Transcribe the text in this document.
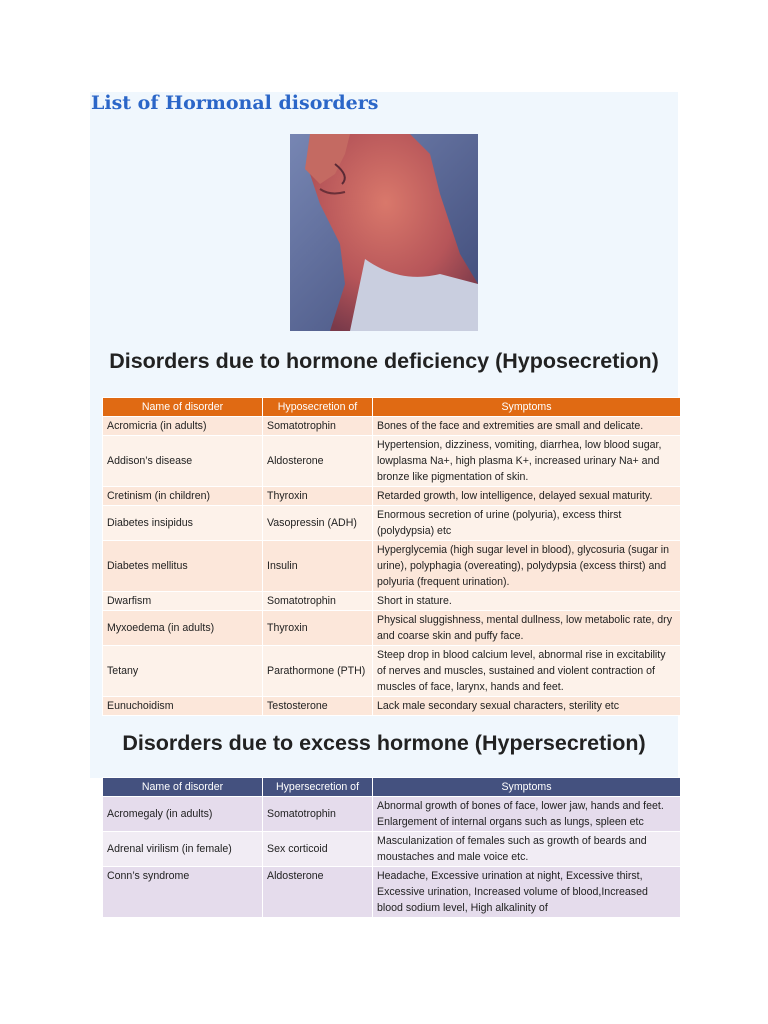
List of Hormonal disorders
Disorders due to hormone deficiency (Hyposecretion)
Name of disorder	Hyposecretion of	Symptoms
Acromicria (in adults)	Somatotrophin	Bones of the face and extremities are small and delicate.
Addison’s disease	Aldosterone	Hypertension, dizziness, vomiting, diarrhea, low blood sugar, lowplasma Na+, high plasma K+, increased urinary Na+ and bronze like pigmentation of skin.
Cretinism (in children)	Thyroxin	Retarded growth, low intelligence, delayed sexual maturity.
Diabetes insipidus	Vasopressin (ADH)	Enormous secretion of urine (polyuria), excess thirst (polydypsia) etc
Diabetes mellitus	Insulin	Hyperglycemia (high sugar level in blood), glycosuria (sugar in urine), polyphagia (overeating), polydypsia (excess thirst) and polyuria (frequent urination).
Dwarfism	Somatotrophin	Short in stature.
Myxoedema (in adults)	Thyroxin	Physical sluggishness, mental dullness, low metabolic rate, dry and coarse skin and puffy face.
Tetany	Parathormone (PTH)	Steep drop in blood calcium level, abnormal rise in excitability of nerves and muscles, sustained and violent contraction of muscles of face, larynx, hands and feet.
Eunuchoidism	Testosterone	Lack male secondary sexual characters, sterility etc
Disorders due to excess hormone (Hypersecretion)
Name of disorder	Hypersecretion of	Symptoms
Acromegaly (in adults)	Somatotrophin	Abnormal growth of bones of face, lower jaw, hands and feet. Enlargement of internal organs such as lungs, spleen etc
Adrenal virilism (in female)	Sex corticoid	Masculanization of females such as growth of beards and moustaches and male voice etc.
Conn’s syndrome	Aldosterone	Headache, Excessive urination at night, Excessive thirst, Excessive urination, Increased volume of blood,Increased blood sodium level, High alkalinity of
